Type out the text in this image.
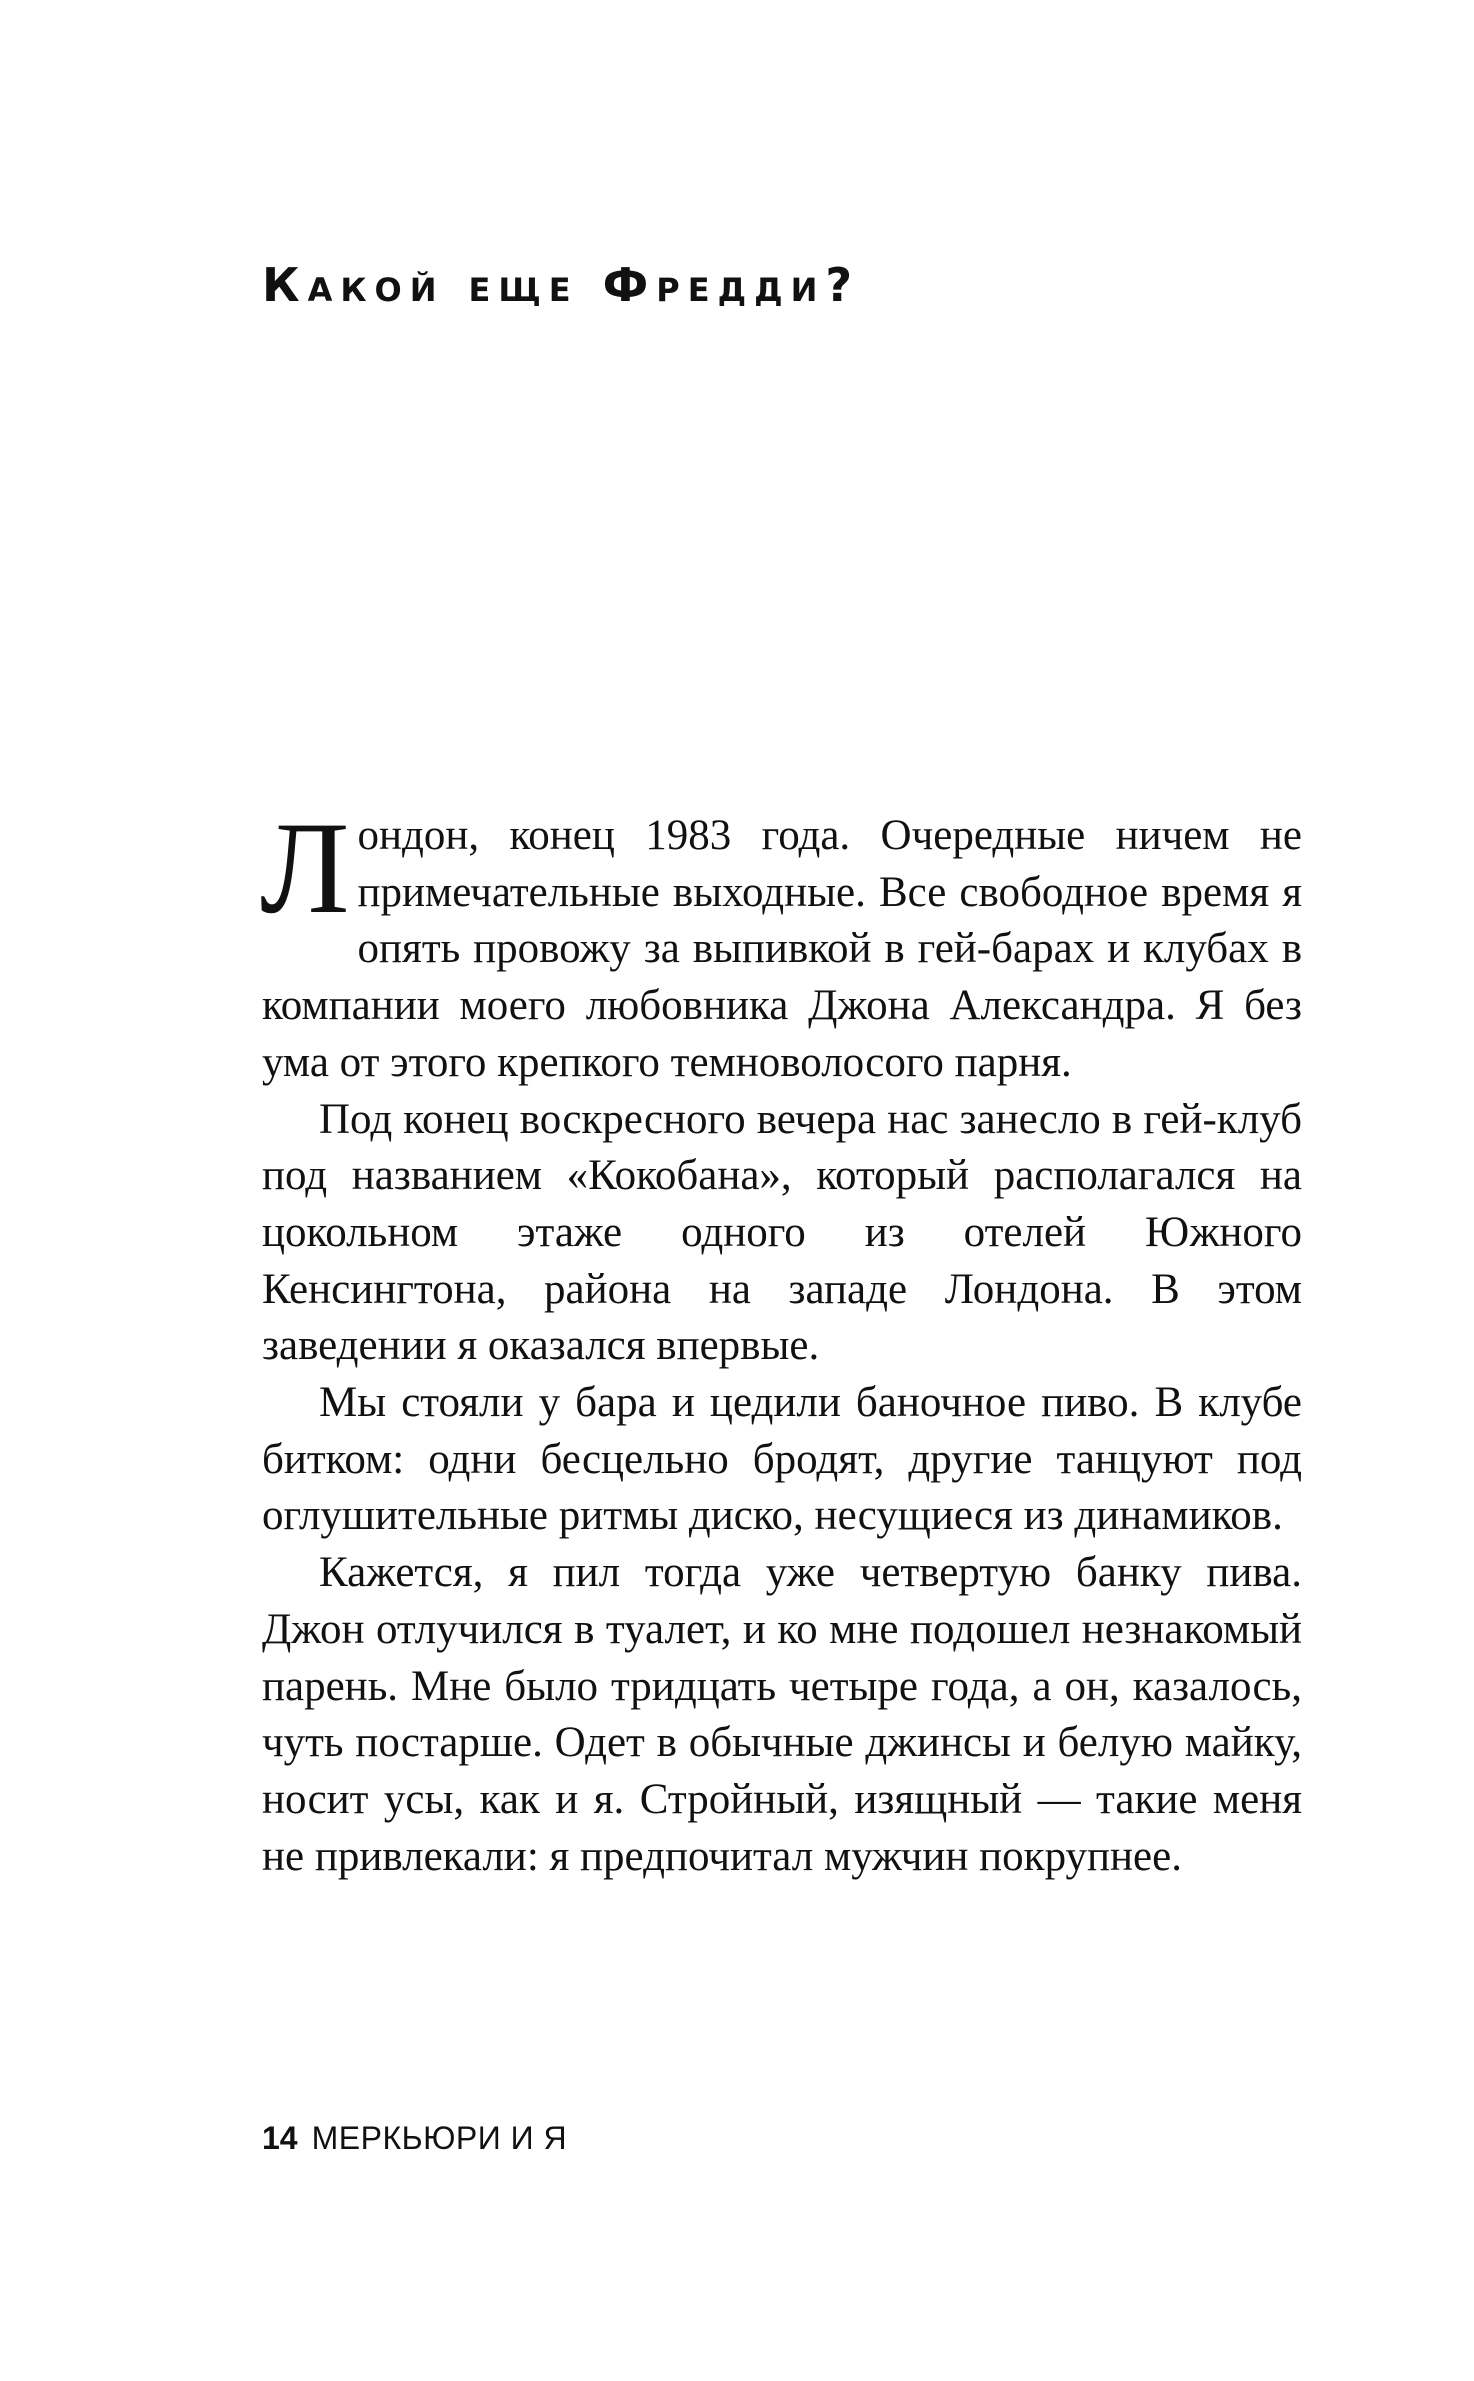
Какой еще Фредди?

Лондон, конец 1983 года. Очередные ничем не примечательные выходные. Все свободное время я опять провожу за выпивкой в гей-барах и клубах в компании моего любовника Джона Александра. Я без ума от этого крепкого темноволосого парня.

Под конец воскресного вечера нас занесло в гей-клуб под названием «Кокобана», который располагался на цокольном этаже одного из отелей Южного Кенсингтона, района на западе Лондона. В этом заведении я оказался впервые.

Мы стояли у бара и цедили баночное пиво. В клубе битком: одни бесцельно бродят, другие танцуют под оглушительные ритмы диско, несущиеся из динамиков.

Кажется, я пил тогда уже четвертую банку пива. Джон отлучился в туалет, и ко мне подошел незнакомый парень. Мне было тридцать четыре года, а он, казалось, чуть постарше. Одет в обычные джинсы и белую майку, носит усы, как и я. Стройный, изящный — такие меня не привлекали: я предпочитал мужчин покрупнее.

14 МЕРКЬЮРИ И Я
